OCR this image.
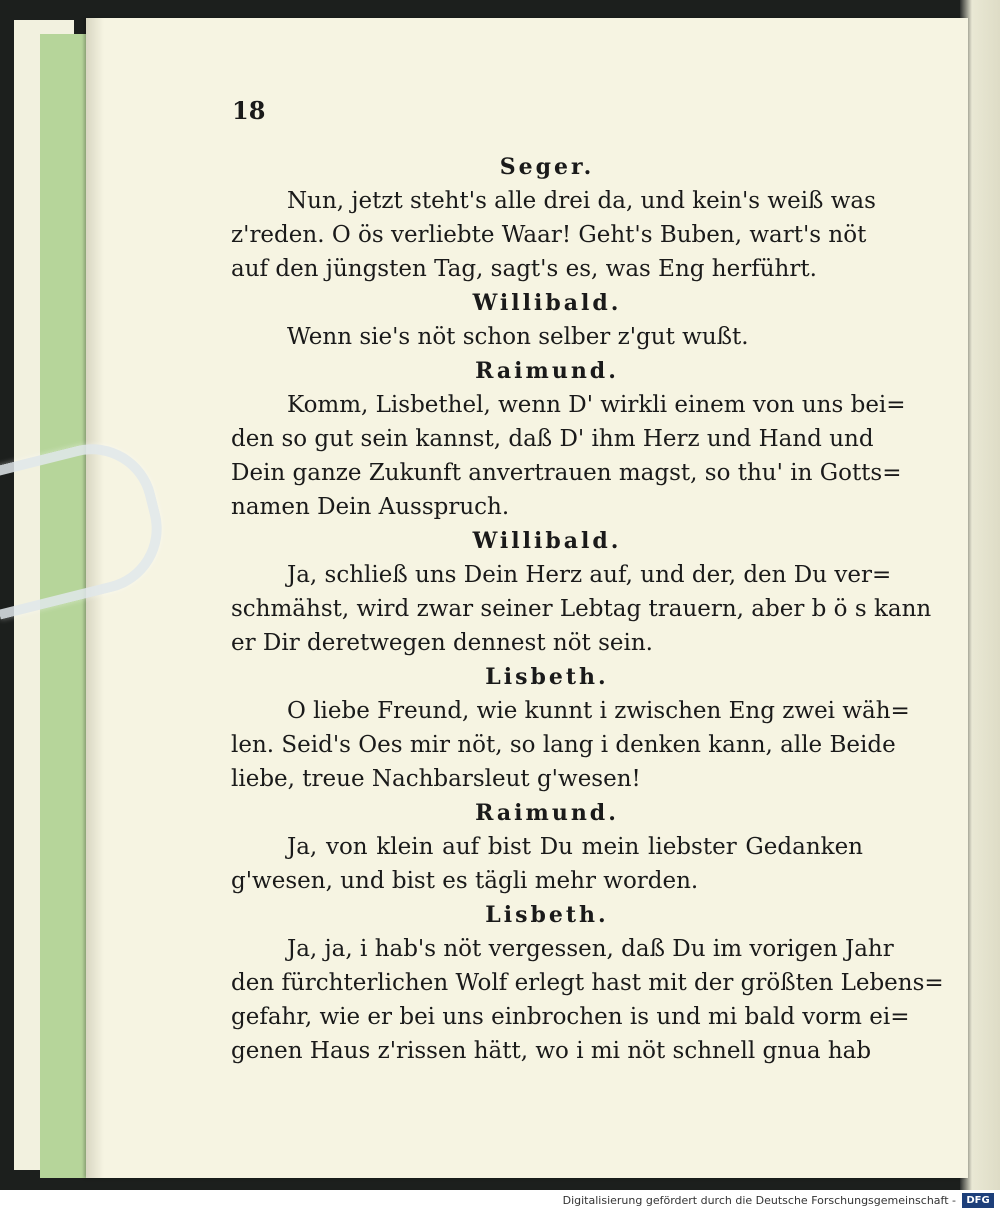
18
Seger.
Nun, jetzt steht's alle drei da, und kein's weiß was
z'reden. O ös verliebte Waar! Geht's Buben, wart's nöt
auf den jüngsten Tag, sagt's es, was Eng herführt.
Willibald.
Wenn sie's nöt schon selber z'gut wußt.
Raimund.
Komm, Lisbethel, wenn D' wirkli einem von uns bei=
den so gut sein kannst, daß D' ihm Herz und Hand und
Dein ganze Zukunft anvertrauen magst, so thu' in Gotts=
namen Dein Ausspruch.
Willibald.
Ja, schließ uns Dein Herz auf, und der, den Du ver=
schmähst, wird zwar seiner Lebtag trauern, aber b ö s kann
er Dir deretwegen dennest nöt sein.
Lisbeth.
O liebe Freund, wie kunnt i zwischen Eng zwei wäh=
len. Seid's Oes mir nöt, so lang i denken kann, alle Beide
liebe, treue Nachbarsleut g'wesen!
Raimund.
Ja, von klein auf bist Du mein liebster Gedanken
g'wesen, und bist es tägli mehr worden.
Lisbeth.
Ja, ja, i hab's nöt vergessen, daß Du im vorigen Jahr
den fürchterlichen Wolf erlegt hast mit der größten Lebens=
gefahr, wie er bei uns einbrochen is und mi bald vorm ei=
genen Haus z'rissen hätt, wo i mi nöt schnell gnua hab
Digitalisierung gefördert durch die Deutsche Forschungsgemeinschaft -	DFG
